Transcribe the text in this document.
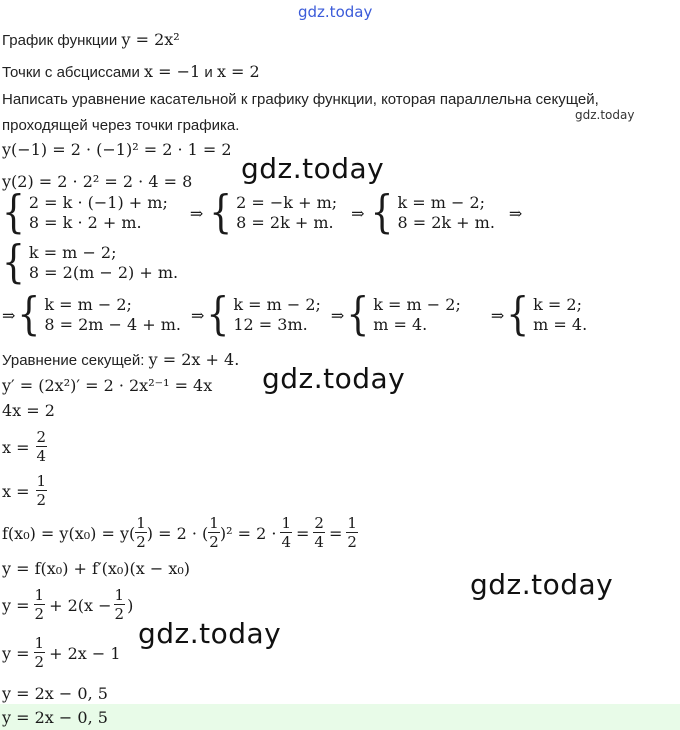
gdz.today
gdz.today
gdz.today
gdz.today
gdz.today
gdz.today
График функции y = 2x²
Точки с абсциссами x = −1 и x = 2
Написать уравнение касательной к графику функции, которая параллельна секущей,
проходящей через точки графика.
y(−1) = 2 · (−1)² = 2 · 1 = 2
y(2) = 2 · 2² = 2 · 4 = 8
{ 2 = k · (−1) + m;
8 = k · 2 + m.	⇒ { 2 = −k + m;
8 = 2k + m. ⇒ { k = m − 2;
8 = 2k + m. ⇒
{ k = m − 2;
8 = 2(m − 2) + m.
⇒ { k = m − 2;
8 = 2m − 4 + m. ⇒ { k = m − 2;
12 = 3m.	⇒ { k = m − 2;
m = 4.	⇒ { k = 2;
m = 4.
Уравнение секущей: y = 2x + 4.
y′ = (2x²)′ = 2 · 2x²⁻¹ = 4x
4x = 2
$x = \frac{2}{4}$
$x = \frac{1}{2}$
$f(x_0) = y(x_0) = y( \frac{1}{2}$ ) = 2 · ( $\frac{1}{2} )^2 = 2 \cdot \frac{1}{4} = \frac{2}{4} = \frac{1}{2}$
y = f(x₀) + f′(x₀)(x − x₀)
$y = \frac{1}{2} + 2(x - \frac{1}{2}$ )
$y = \frac{1}{2} + 2x - 1$
y = 2x − 0, 5
y = 2x − 0, 5
